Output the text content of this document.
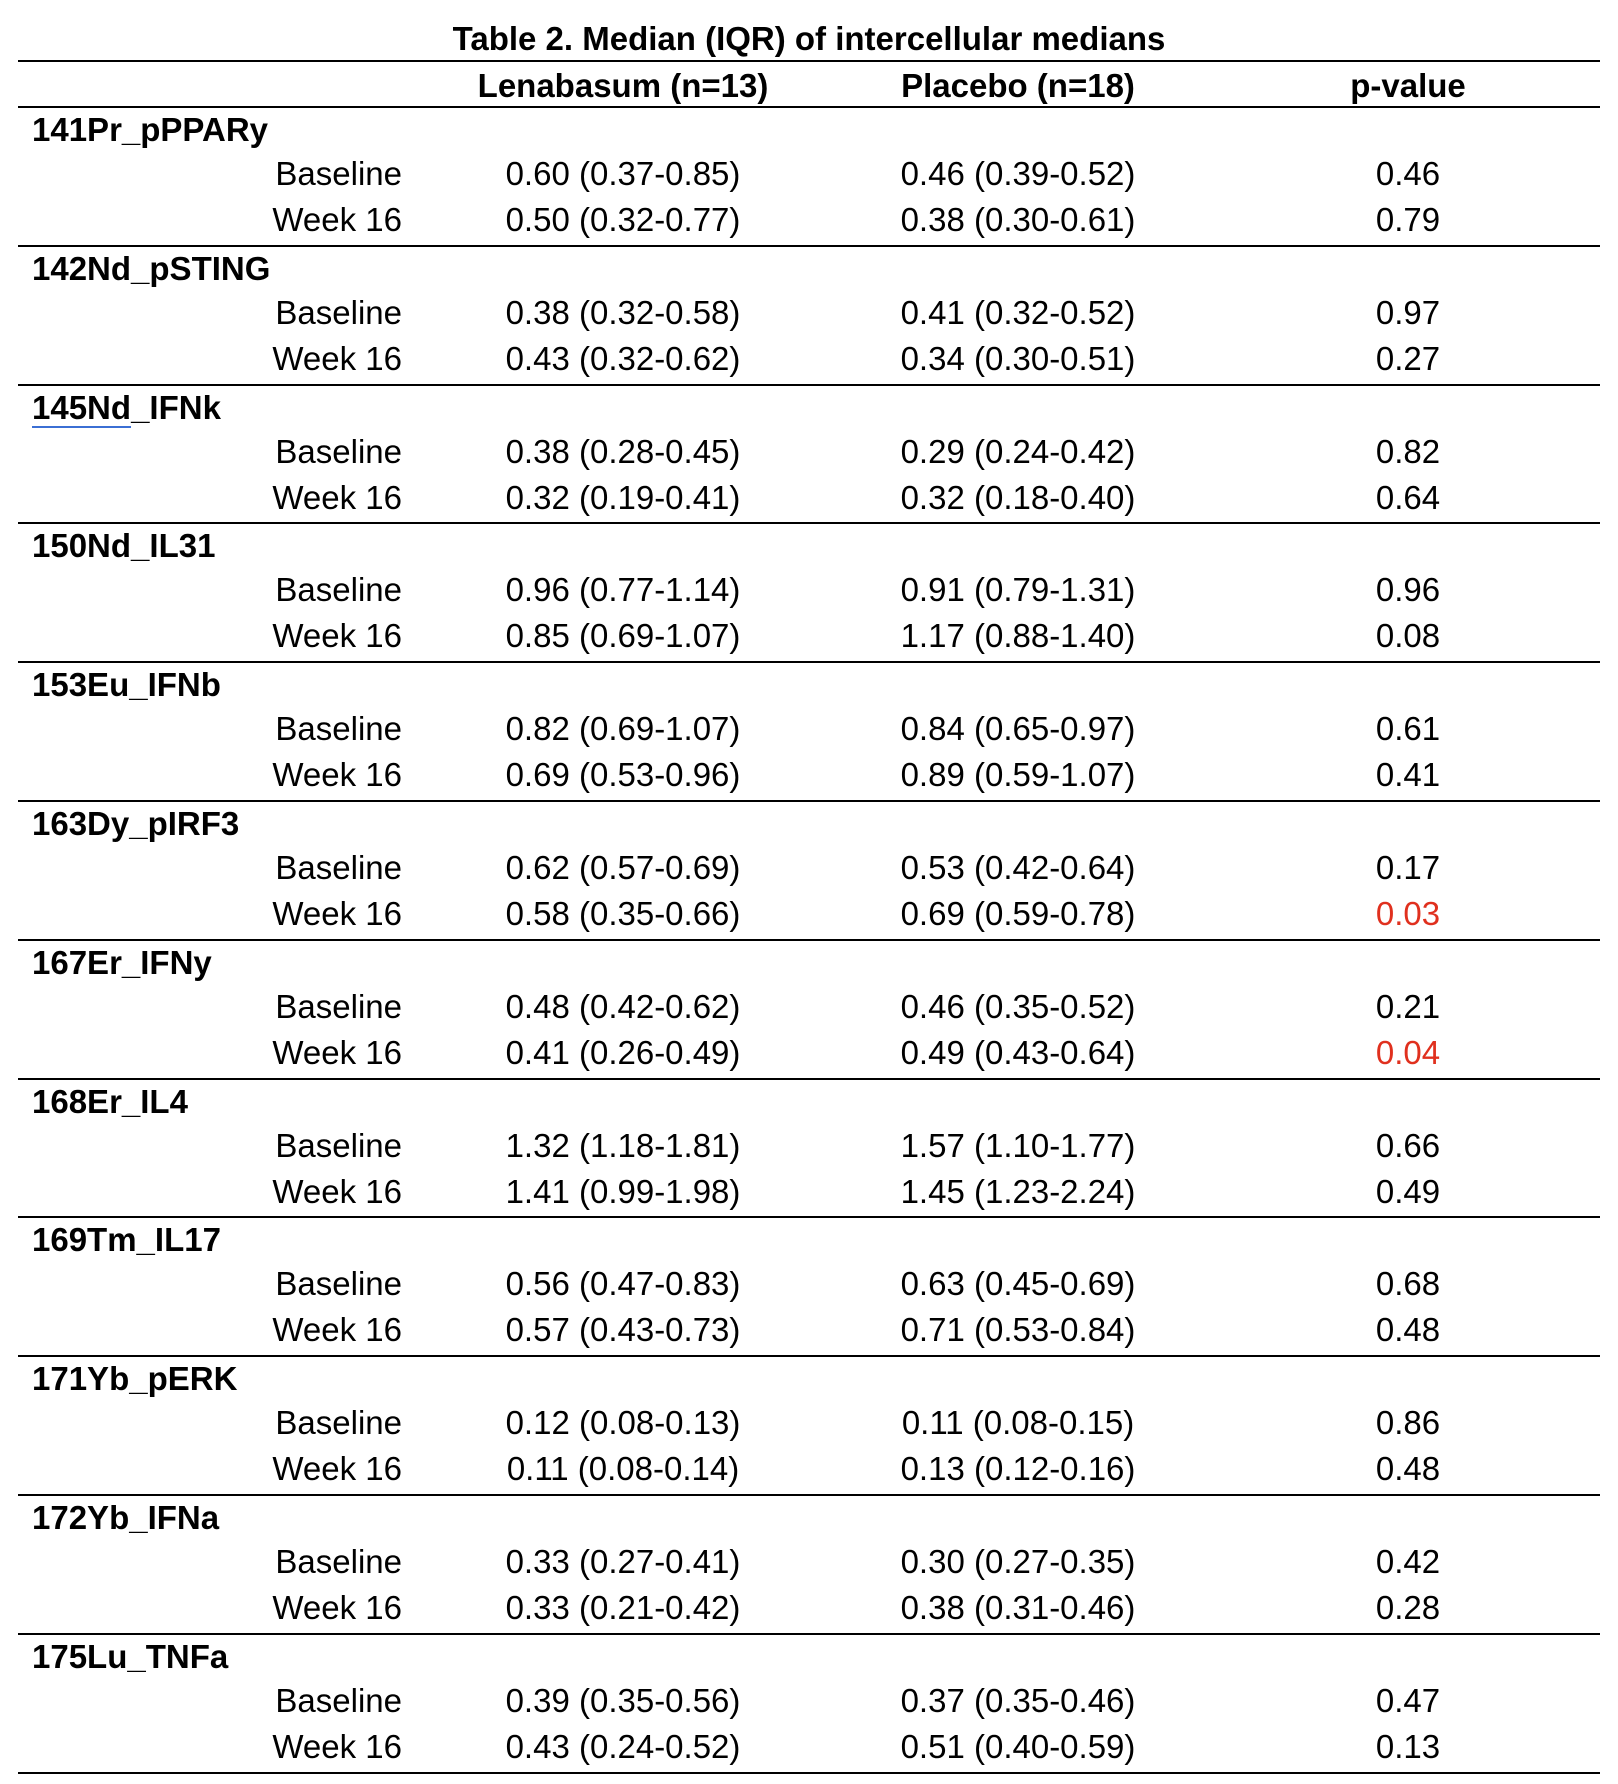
Table 2. Median (IQR) of intercellular medians
Lenabasum (n=13)	Placebo (n=18)	p-value
141Pr_pPPARy
Baseline	0.60 (0.37-0.85)	0.46 (0.39-0.52)	0.46
Week 16	0.50 (0.32-0.77)	0.38 (0.30-0.61)	0.79
142Nd_pSTING
Baseline	0.38 (0.32-0.58)	0.41 (0.32-0.52)	0.97
Week 16	0.43 (0.32-0.62)	0.34 (0.30-0.51)	0.27
145Nd_IFNk
Baseline	0.38 (0.28-0.45)	0.29 (0.24-0.42)	0.82
Week 16	0.32 (0.19-0.41)	0.32 (0.18-0.40)	0.64
150Nd_IL31
Baseline	0.96 (0.77-1.14)	0.91 (0.79-1.31)	0.96
Week 16	0.85 (0.69-1.07)	1.17 (0.88-1.40)	0.08
153Eu_IFNb
Baseline	0.82 (0.69-1.07)	0.84 (0.65-0.97)	0.61
Week 16	0.69 (0.53-0.96)	0.89 (0.59-1.07)	0.41
163Dy_pIRF3
Baseline	0.62 (0.57-0.69)	0.53 (0.42-0.64)	0.17
Week 16	0.58 (0.35-0.66)	0.69 (0.59-0.78)	0.03
167Er_IFNy
Baseline	0.48 (0.42-0.62)	0.46 (0.35-0.52)	0.21
Week 16	0.41 (0.26-0.49)	0.49 (0.43-0.64)	0.04
168Er_IL4
Baseline	1.32 (1.18-1.81)	1.57 (1.10-1.77)	0.66
Week 16	1.41 (0.99-1.98)	1.45 (1.23-2.24)	0.49
169Tm_IL17
Baseline	0.56 (0.47-0.83)	0.63 (0.45-0.69)	0.68
Week 16	0.57 (0.43-0.73)	0.71 (0.53-0.84)	0.48
171Yb_pERK
Baseline	0.12 (0.08-0.13)	0.11 (0.08-0.15)	0.86
Week 16	0.11 (0.08-0.14)	0.13 (0.12-0.16)	0.48
172Yb_IFNa
Baseline	0.33 (0.27-0.41)	0.30 (0.27-0.35)	0.42
Week 16	0.33 (0.21-0.42)	0.38 (0.31-0.46)	0.28
175Lu_TNFa
Baseline	0.39 (0.35-0.56)	0.37 (0.35-0.46)	0.47
Week 16	0.43 (0.24-0.52)	0.51 (0.40-0.59)	0.13
